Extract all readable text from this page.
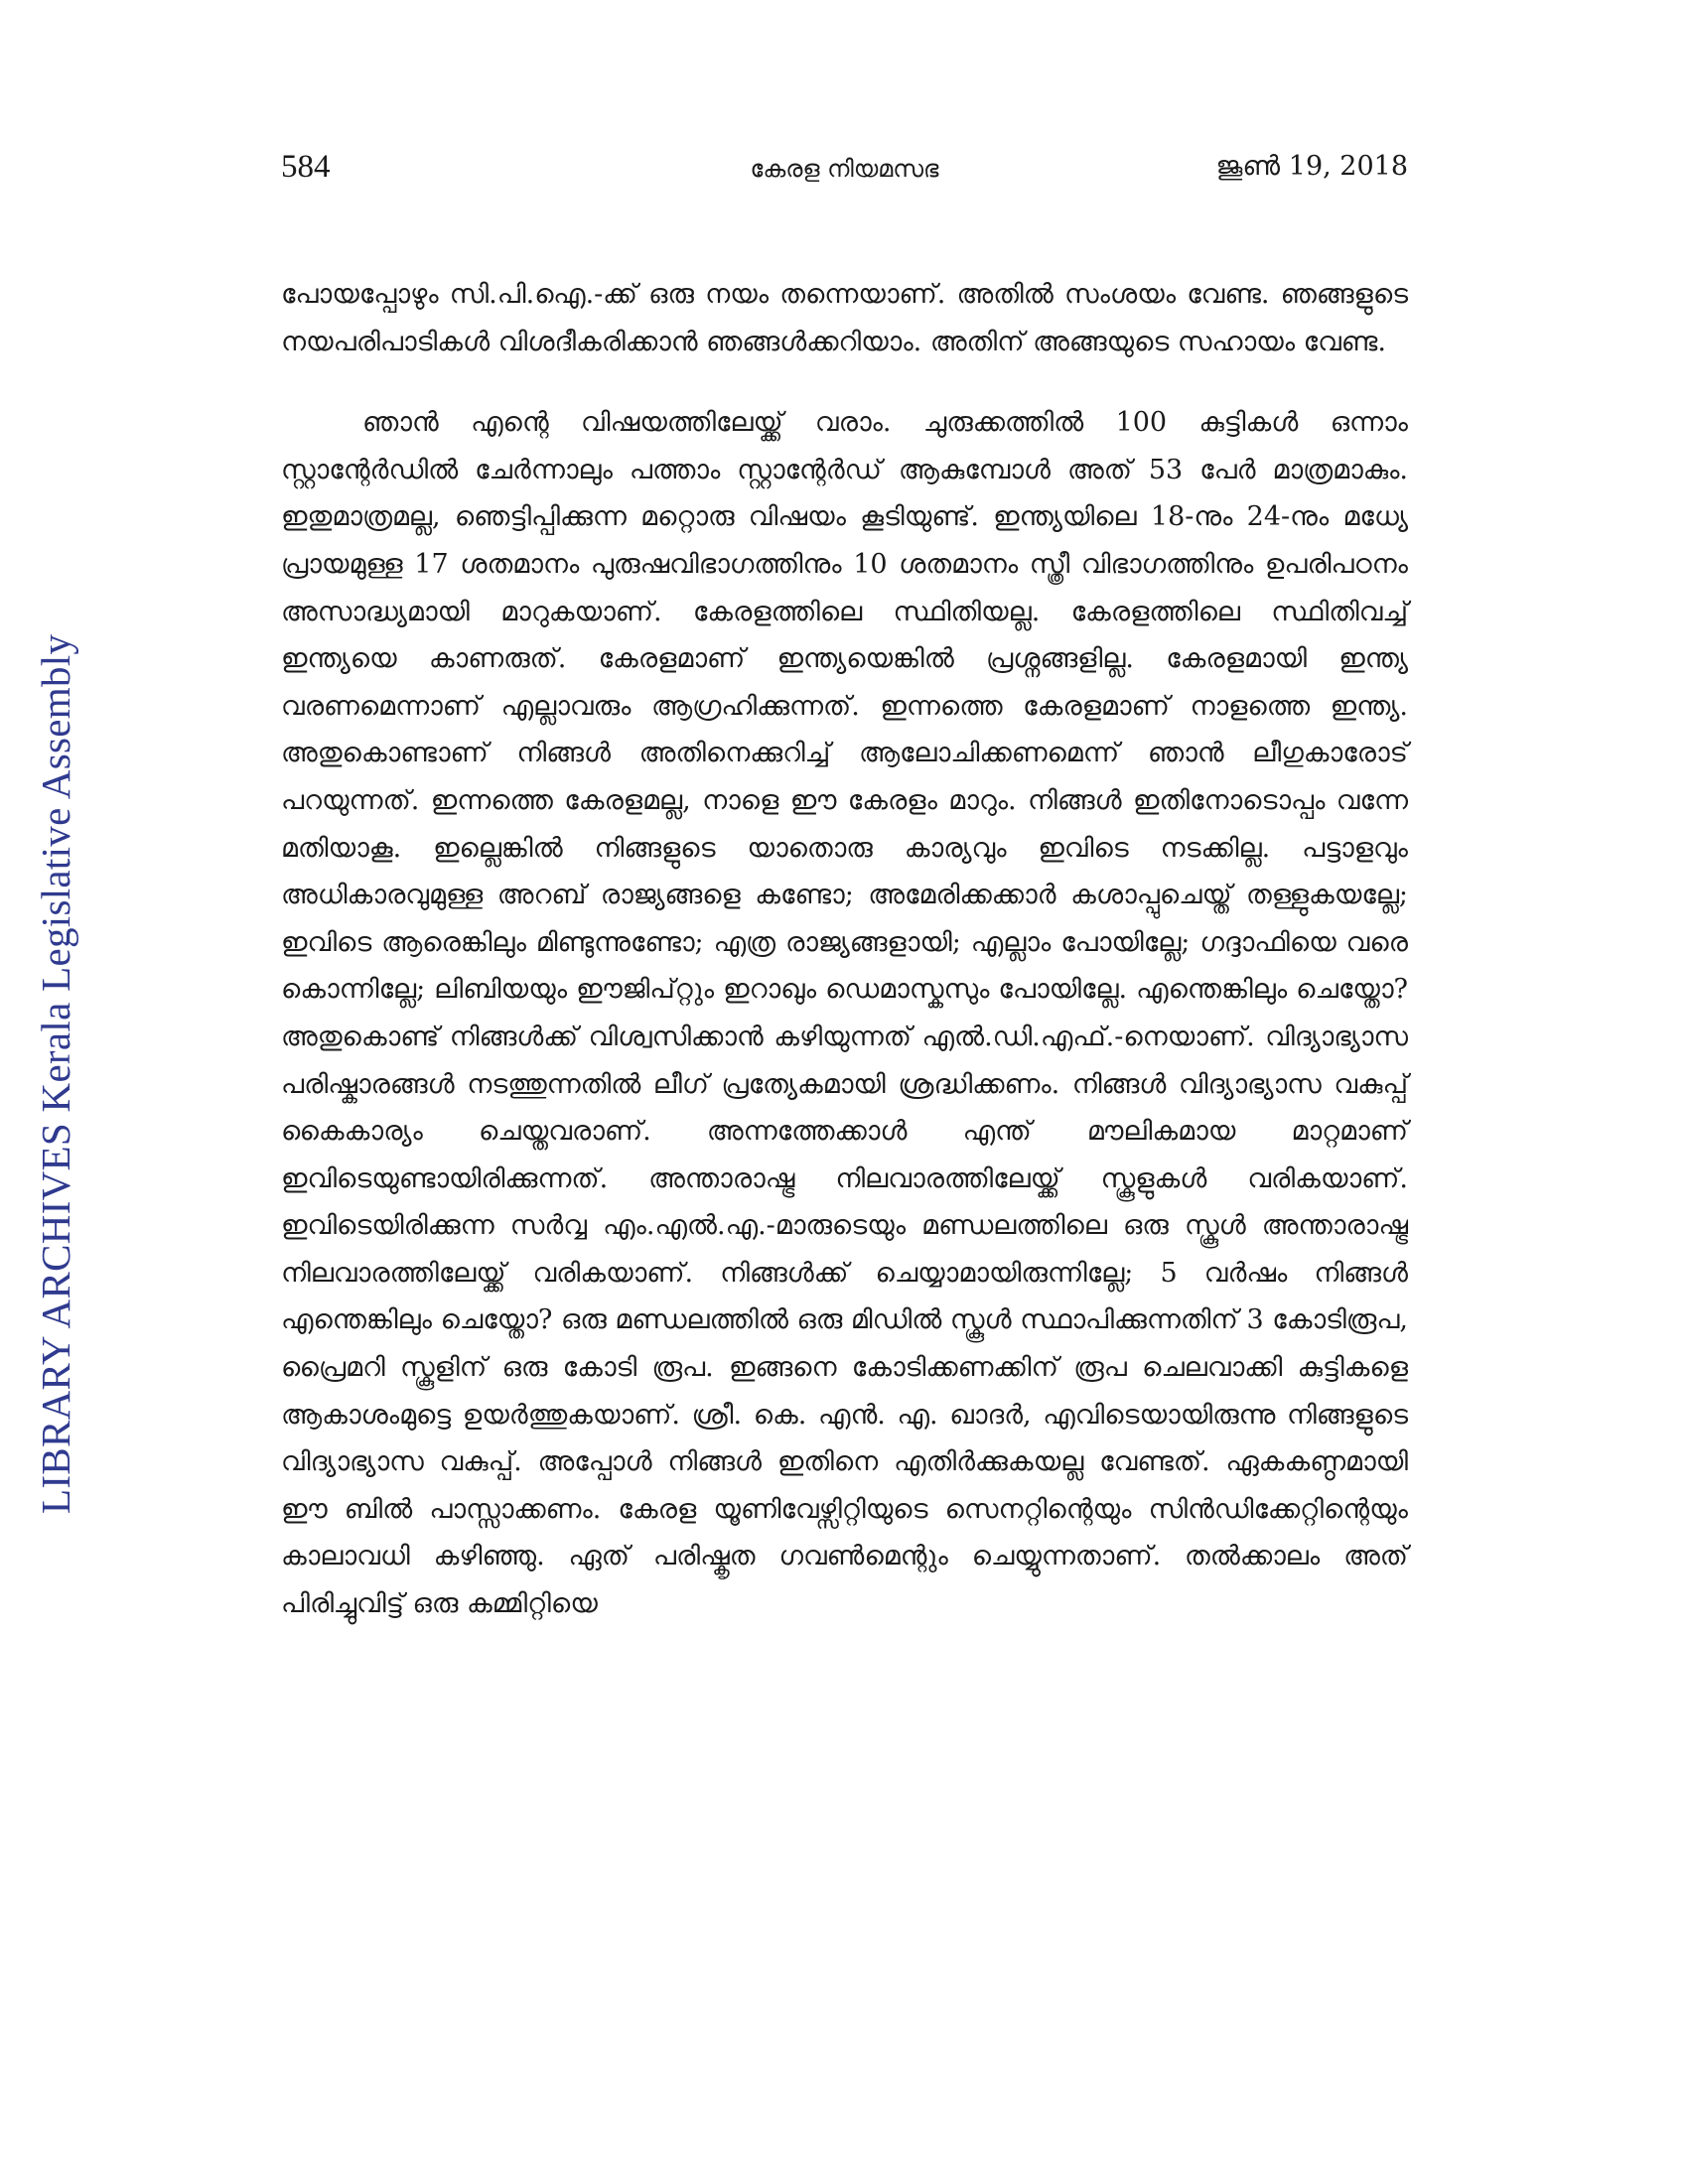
LIBRARY ARCHIVES Kerala Legislative Assembly
584	കേരള നിയമസഭ	ജൂൺ 19, 2018

പോയപ്പോഴും സി.പി.ഐ.-ക്ക് ഒരു നയം തന്നെയാണ്. അതിൽ സംശയം വേണ്ട. ഞങ്ങളുടെ നയപരിപാടികൾ വിശദീകരിക്കാൻ ഞങ്ങൾക്കറിയാം. അതിന് അങ്ങയുടെ സഹായം വേണ്ട.

ഞാൻ എന്റെ വിഷയത്തിലേയ്ക്ക് വരാം. ചുരുക്കത്തിൽ 100 കുട്ടികൾ ഒന്നാം സ്റ്റാന്റേർഡിൽ ചേർന്നാലും പത്താം സ്റ്റാന്റേർഡ് ആകുമ്പോൾ അത് 53 പേർ മാത്രമാകും. ഇതുമാത്രമല്ല, ഞെട്ടിപ്പിക്കുന്ന മറ്റൊരു വിഷയം കൂടിയുണ്ട്. ഇന്ത്യയിലെ 18-നും 24-നും മധ്യേ പ്രായമുള്ള 17 ശതമാനം പുരുഷവിഭാഗത്തിനും 10 ശതമാനം സ്ത്രീ വിഭാഗത്തിനും ഉപരിപഠനം അസാദ്ധ്യമായി മാറുകയാണ്. കേരളത്തിലെ സ്ഥിതിയല്ല. കേരളത്തിലെ സ്ഥിതിവച്ച് ഇന്ത്യയെ കാണരുത്. കേരളമാണ് ഇന്ത്യയെങ്കിൽ പ്രശ്നങ്ങളില്ല. കേരളമായി ഇന്ത്യ വരണമെന്നാണ് എല്ലാവരും ആഗ്രഹിക്കുന്നത്. ഇന്നത്തെ കേരളമാണ് നാളത്തെ ഇന്ത്യ. അതുകൊണ്ടാണ് നിങ്ങൾ അതിനെക്കുറിച്ച് ആലോചിക്കണമെന്ന് ഞാൻ ലീഗുകാരോട് പറയുന്നത്. ഇന്നത്തെ കേരളമല്ല, നാളെ ഈ കേരളം മാറും. നിങ്ങൾ ഇതിനോടൊപ്പം വന്നേ മതിയാകൂ. ഇല്ലെങ്കിൽ നിങ്ങളുടെ യാതൊരു കാര്യവും ഇവിടെ നടക്കില്ല. പട്ടാളവും അധികാരവുമുള്ള അറബ് രാജ്യങ്ങളെ കണ്ടോ; അമേരിക്കക്കാർ കശാപ്പുചെയ്ത് തള്ളുകയല്ലേ; ഇവിടെ ആരെങ്കിലും മിണ്ടുന്നുണ്ടോ; എത്ര രാജ്യങ്ങളായി; എല്ലാം പോയില്ലേ; ഗദ്ദാഫിയെ വരെ കൊന്നില്ലേ; ലിബിയയും ഈജിപ്റ്റും ഇറാഖും ഡെമാസ്കസും പോയില്ലേ. എന്തെങ്കിലും ചെയ്തോ? അതുകൊണ്ട് നിങ്ങൾക്ക് വിശ്വസിക്കാൻ കഴിയുന്നത് എൽ.ഡി.എഫ്.-നെയാണ്. വിദ്യാഭ്യാസ പരിഷ്കാരങ്ങൾ നടത്തുന്നതിൽ ലീഗ് പ്രത്യേകമായി ശ്രദ്ധിക്കണം. നിങ്ങൾ വിദ്യാഭ്യാസ വകുപ്പ് കൈകാര്യം ചെയ്തവരാണ്. അന്നത്തേക്കാൾ എന്ത് മൗലികമായ മാറ്റമാണ് ഇവിടെയുണ്ടായിരിക്കുന്നത്. അന്താരാഷ്ട്ര നിലവാരത്തിലേയ്ക്ക് സ്കൂളുകൾ വരികയാണ്. ഇവിടെയിരിക്കുന്ന സർവ്വ എം.എൽ.എ.-മാരുടെയും മണ്ഡലത്തിലെ ഒരു സ്കൂൾ അന്താരാഷ്ട്ര നിലവാരത്തിലേയ്ക്ക് വരികയാണ്. നിങ്ങൾക്ക് ചെയ്യാമായിരുന്നില്ലേ; 5 വർഷം നിങ്ങൾ എന്തെങ്കിലും ചെയ്തോ? ഒരു മണ്ഡലത്തിൽ ഒരു മിഡിൽ സ്കൂൾ സ്ഥാപിക്കുന്നതിന് 3 കോടിരൂപ, പ്രൈമറി സ്കൂളിന് ഒരു കോടി രൂപ. ഇങ്ങനെ കോടിക്കണക്കിന് രൂപ ചെലവാക്കി കുട്ടികളെ ആകാശംമുട്ടെ ഉയർത്തുകയാണ്. ശ്രീ. കെ. എൻ. എ. ഖാദർ, എവിടെയായിരുന്നു നിങ്ങളുടെ വിദ്യാഭ്യാസ വകുപ്പ്. അപ്പോൾ നിങ്ങൾ ഇതിനെ എതിർക്കുകയല്ല വേണ്ടത്. ഏകകണ്ഠമായി ഈ ബിൽ പാസ്സാക്കണം. കേരള യൂണിവേഴ്സിറ്റിയുടെ സെനറ്റിന്റെയും സിൻഡിക്കേറ്റിന്റെയും കാലാവധി കഴിഞ്ഞു. ഏത് പരിഷ്കൃത ഗവൺമെന്റും ചെയ്യുന്നതാണ്. തൽക്കാലം അത് പിരിച്ചുവിട്ട് ഒരു കമ്മിറ്റിയെ
